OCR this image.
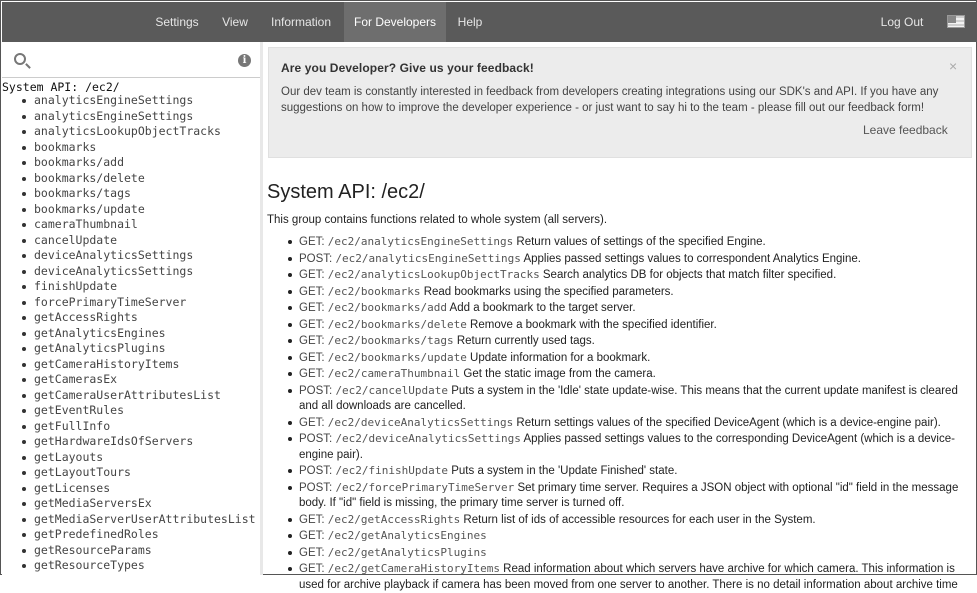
Settings	View	Information	For Developers	Help	Log Out
i
System API: /ec2/
analyticsEngineSettings
analyticsEngineSettings
analyticsLookupObjectTracks
bookmarks
bookmarks/add
bookmarks/delete
bookmarks/tags
bookmarks/update
cameraThumbnail
cancelUpdate
deviceAnalyticsSettings
deviceAnalyticsSettings
finishUpdate
forcePrimaryTimeServer
getAccessRights
getAnalyticsEngines
getAnalyticsPlugins
getCameraHistoryItems
getCamerasEx
getCameraUserAttributesList
getEventRules
getFullInfo
getHardwareIdsOfServers
getLayouts
getLayoutTours
getLicenses
getMediaServersEx
getMediaServerUserAttributesList
getPredefinedRoles
getResourceParams
getResourceTypes
Are you Developer? Give us your feedback!	×
Our dev team is constantly interested in feedback from developers creating integrations using our SDK's and API. If you have any suggestions on how to improve the developer experience - or just want to say hi to the team - please fill out our feedback form!
Leave feedback
System API: /ec2/
This group contains functions related to whole system (all servers).
GET: /ec2/analyticsEngineSettings Return values of settings of the specified Engine.
POST: /ec2/analyticsEngineSettings Applies passed settings values to correspondent Analytics Engine.
GET: /ec2/analyticsLookupObjectTracks Search analytics DB for objects that match filter specified.
GET: /ec2/bookmarks Read bookmarks using the specified parameters.
GET: /ec2/bookmarks/add Add a bookmark to the target server.
GET: /ec2/bookmarks/delete Remove a bookmark with the specified identifier.
GET: /ec2/bookmarks/tags Return currently used tags.
GET: /ec2/bookmarks/update Update information for a bookmark.
GET: /ec2/cameraThumbnail Get the static image from the camera.
POST: /ec2/cancelUpdate Puts a system in the 'Idle' state update-wise. This means that the current update manifest is cleared and all downloads are cancelled.
GET: /ec2/deviceAnalyticsSettings Return settings values of the specified DeviceAgent (which is a device-engine pair).
POST: /ec2/deviceAnalyticsSettings Applies passed settings values to the corresponding DeviceAgent (which is a device-engine pair).
POST: /ec2/finishUpdate Puts a system in the 'Update Finished' state.
POST: /ec2/forcePrimaryTimeServer Set primary time server. Requires a JSON object with optional "id" field in the message body. If "id" field is missing, the primary time server is turned off.
GET: /ec2/getAccessRights Return list of ids of accessible resources for each user in the System.
GET: /ec2/getAnalyticsEngines
GET: /ec2/getAnalyticsPlugins
GET: /ec2/getCameraHistoryItems Read information about which servers have archive for which camera. This information is used for archive playback if camera has been moved from one server to another. There is no detail information about archive time
